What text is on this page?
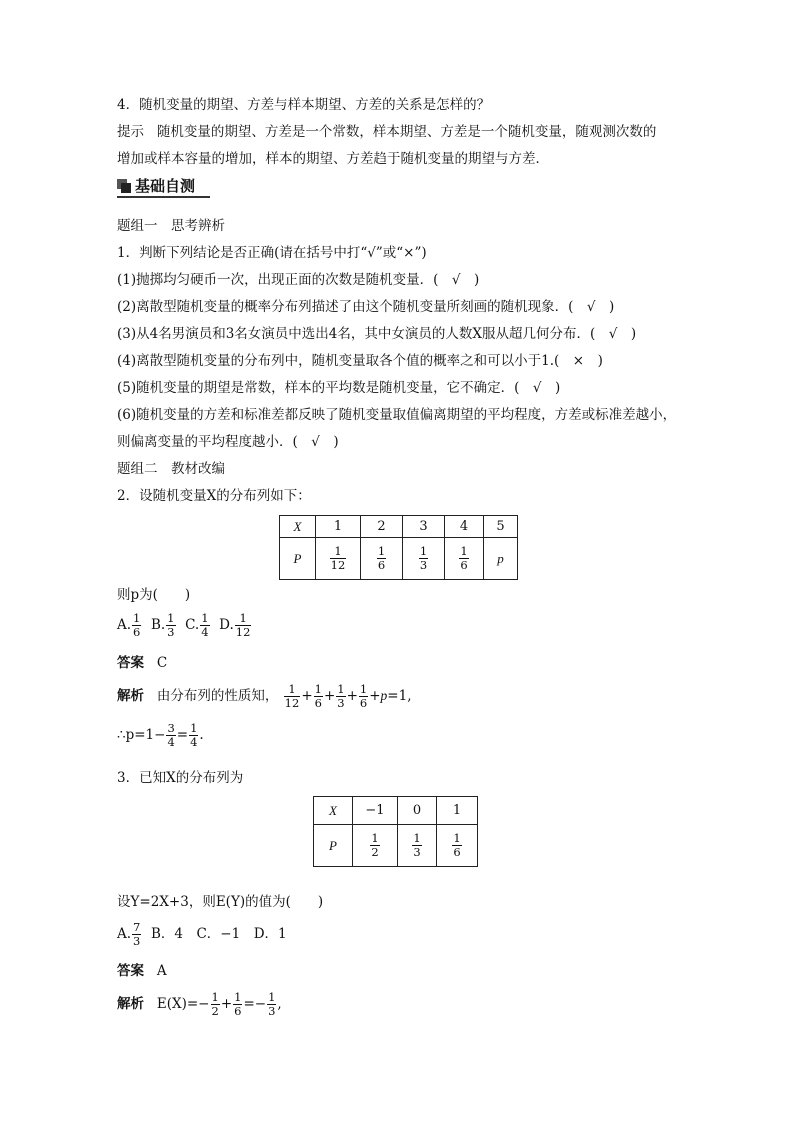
4．随机变量的期望、方差与样本期望、方差的关系是怎样的？
提示 随机变量的期望、方差是一个常数，样本期望、方差是一个随机变量，随观测次数的
增加或样本容量的增加，样本的期望、方差趋于随机变量的期望与方差．
基础自测
题组一　思考辨析
1．判断下列结论是否正确(请在括号中打“√”或“×”)
(1)抛掷均匀硬币一次，出现正面的次数是随机变量．(　√　)
(2)离散型随机变量的概率分布列描述了由这个随机变量所刻画的随机现象．(　√　)
(3)从4名男演员和3名女演员中选出4名，其中女演员的人数X服从超几何分布．(　√　)
(4)离散型随机变量的分布列中，随机变量取各个值的概率之和可以小于1.(　×　)
(5)随机变量的期望是常数，样本的平均数是随机变量，它不确定．(　√　)
(6)随机变量的方差和标准差都反映了随机变量取值偏离期望的平均程度，方差或标准差越小，
则偏离变量的平均程度越小．(　√　)
题组二　教材改编
2．设随机变量X的分布列如下：
X	1	2	3	4	5
P	$\frac{1}{12}$	$\frac{1}{6}$	$\frac{1}{3}$	$\frac{1}{6}$	p
则p为(　　)
A. $\frac{1}{6} B$. $\frac{1}{3} C$. $\frac{1}{4} D$. $\frac{1}{12}$
答案 C
解析 由分布列的性质知， $\frac{1}{12} + \frac{1}{6} + \frac{1}{3} + \frac{1}{6} +p=1$,
∴p=1− $\frac{3}{4} = \frac{1}{4}$ .
3．已知X的分布列为
X	−1	0	1
P	$\frac{1}{2}$	$\frac{1}{3}$	$\frac{1}{6}$
设Y=2X+3，则E(Y)的值为(　　)
A. $\frac{7}{3}$ B．4　C．−1　D．1
答案 A
解析 $E(X)=- \frac{1}{2} + \frac{1}{6} =- \frac{1}{3}$ ,
